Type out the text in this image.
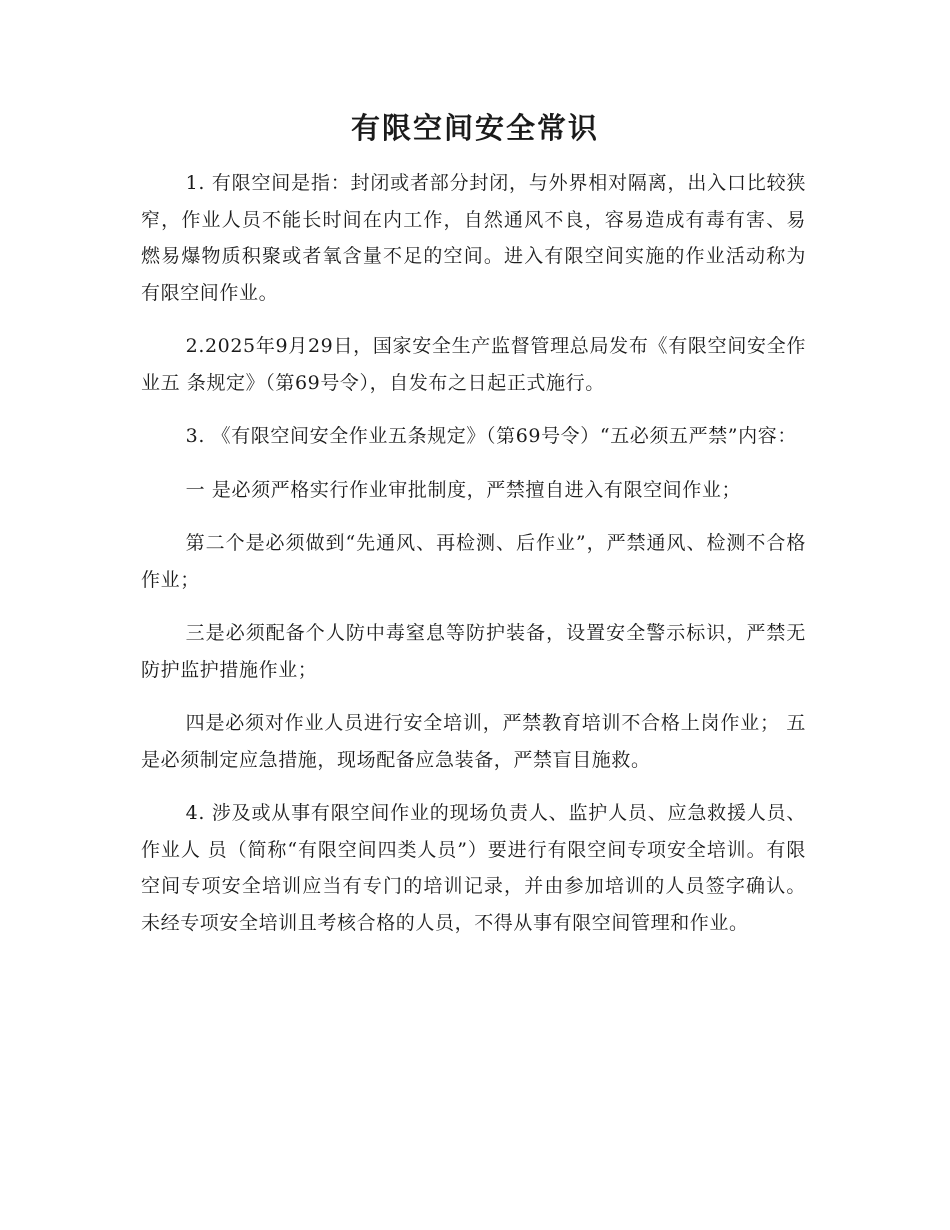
有限空间安全常识

1. 有限空间是指：封闭或者部分封闭，与外界相对隔离，出入口比较狭窄，作业人员不能长时间在内工作，自然通风不良，容易造成有毒有害、易燃易爆物质积聚或者氧含量不足的空间。进入有限空间实施的作业活动称为有限空间作业。

2.2025年9月29日，国家安全生产监督管理总局发布《有限空间安全作业五 条规定》（第69号令），自发布之日起正式施行。

3. 《有限空间安全作业五条规定》（第69号令）“五必须五严禁”内容：

一 是必须严格实行作业审批制度，严禁擅自进入有限空间作业；

第二个是必须做到“先通风、再检测、后作业”，严禁通风、检测不合格作业；

三是必须配备个人防中毒窒息等防护装备，设置安全警示标识，严禁无防护监护措施作业；

四是必须对作业人员进行安全培训，严禁教育培训不合格上岗作业； 五是必须制定应急措施，现场配备应急装备，严禁盲目施救。

4. 涉及或从事有限空间作业的现场负责人、监护人员、应急救援人员、作业人 员（简称“有限空间四类人员”）要进行有限空间专项安全培训。有限空间专项安全培训应当有专门的培训记录，并由参加培训的人员签字确认。未经专项安全培训且考核合格的人员，不得从事有限空间管理和作业。
